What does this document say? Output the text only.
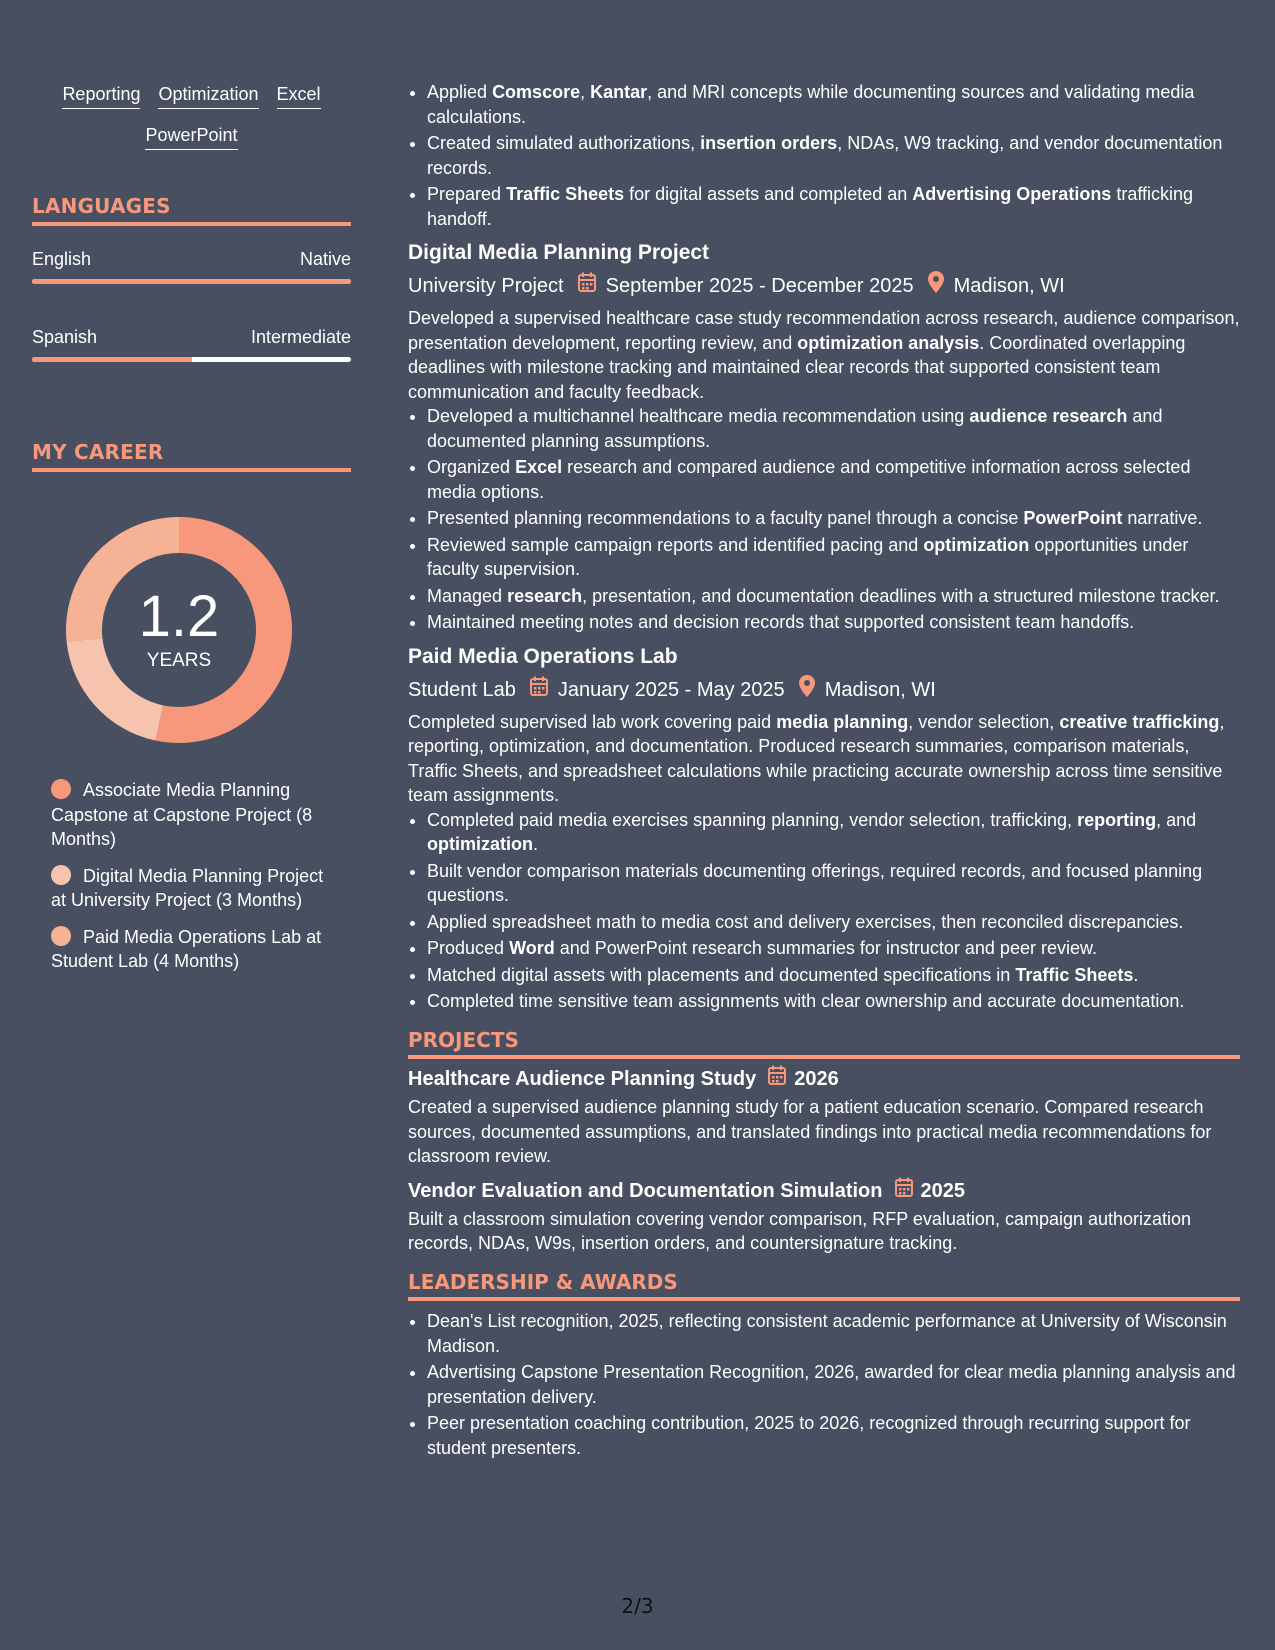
Reporting Optimization Excel
PowerPoint
LANGUAGES
English	Native
Spanish	Intermediate
MY CAREER
1.2
YEARS
Associate Media Planning Capstone at Capstone Project (8 Months)
Digital Media Planning Project at University Project (3 Months)
Paid Media Operations Lab at Student Lab (4 Months)
• Applied Comscore, Kantar, and MRI concepts while documenting sources and validating media calculations.
• Created simulated authorizations, insertion orders, NDAs, W9 tracking, and vendor documentation records.
• Prepared Traffic Sheets for digital assets and completed an Advertising Operations trafficking handoff.
Digital Media Planning Project
University Project September 2025 - December 2025 Madison, WI
Developed a supervised healthcare case study recommendation across research, audience comparison, presentation development, reporting review, and optimization analysis. Coordinated overlapping deadlines with milestone tracking and maintained clear records that supported consistent team communication and faculty feedback.
• Developed a multichannel healthcare media recommendation using audience research and documented planning assumptions.
• Organized Excel research and compared audience and competitive information across selected media options.
• Presented planning recommendations to a faculty panel through a concise PowerPoint narrative.
• Reviewed sample campaign reports and identified pacing and optimization opportunities under faculty supervision.
• Managed research, presentation, and documentation deadlines with a structured milestone tracker.
• Maintained meeting notes and decision records that supported consistent team handoffs.
Paid Media Operations Lab
Student Lab January 2025 - May 2025 Madison, WI
Completed supervised lab work covering paid media planning, vendor selection, creative trafficking, reporting, optimization, and documentation. Produced research summaries, comparison materials, Traffic Sheets, and spreadsheet calculations while practicing accurate ownership across time sensitive team assignments.
• Completed paid media exercises spanning planning, vendor selection, trafficking, reporting, and optimization.
• Built vendor comparison materials documenting offerings, required records, and focused planning questions.
• Applied spreadsheet math to media cost and delivery exercises, then reconciled discrepancies.
• Produced Word and PowerPoint research summaries for instructor and peer review.
• Matched digital assets with placements and documented specifications in Traffic Sheets.
• Completed time sensitive team assignments with clear ownership and accurate documentation.
PROJECTS
Healthcare Audience Planning Study 2026
Created a supervised audience planning study for a patient education scenario. Compared research sources, documented assumptions, and translated findings into practical media recommendations for classroom review.
Vendor Evaluation and Documentation Simulation 2025
Built a classroom simulation covering vendor comparison, RFP evaluation, campaign authorization records, NDAs, W9s, insertion orders, and countersignature tracking.
LEADERSHIP & AWARDS
• Dean's List recognition, 2025, reflecting consistent academic performance at University of Wisconsin Madison.
• Advertising Capstone Presentation Recognition, 2026, awarded for clear media planning analysis and presentation delivery.
• Peer presentation coaching contribution, 2025 to 2026, recognized through recurring support for student presenters.
2/3
